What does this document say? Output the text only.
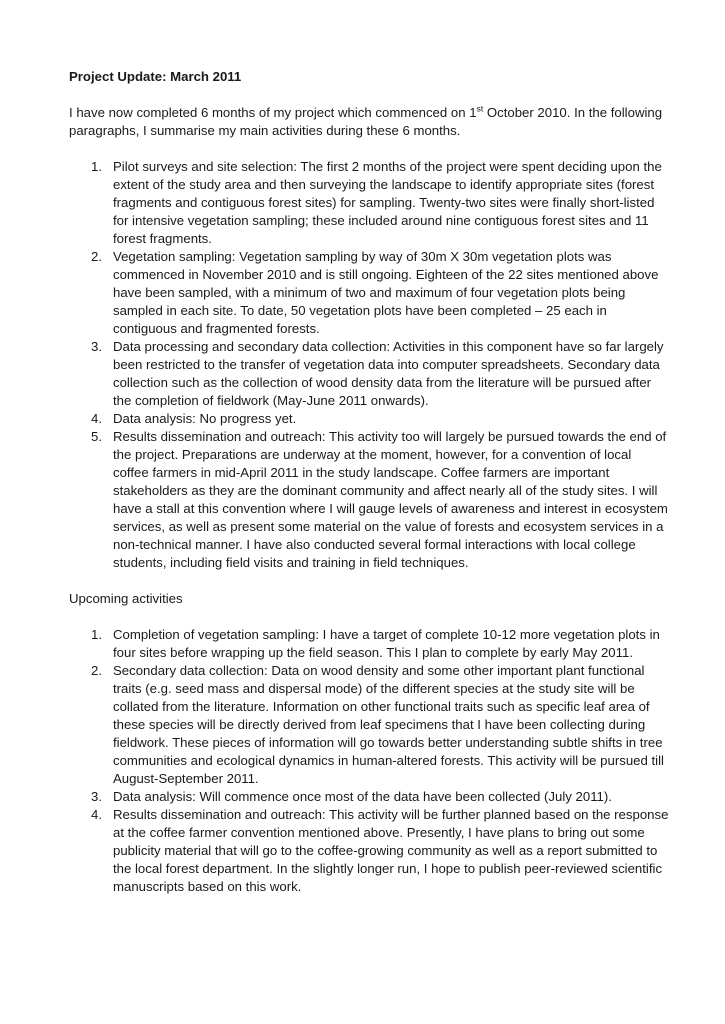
Project Update: March 2011

I have now completed 6 months of my project which commenced on 1st October 2010. In the following paragraphs, I summarise my main activities during these 6 months.

1. Pilot surveys and site selection: The first 2 months of the project were spent deciding upon the extent of the study area and then surveying the landscape to identify appropriate sites (forest fragments and contiguous forest sites) for sampling. Twenty-two sites were finally short-listed for intensive vegetation sampling; these included around nine contiguous forest sites and 11 forest fragments.
2. Vegetation sampling: Vegetation sampling by way of 30m X 30m vegetation plots was commenced in November 2010 and is still ongoing. Eighteen of the 22 sites mentioned above have been sampled, with a minimum of two and maximum of four vegetation plots being sampled in each site. To date, 50 vegetation plots have been completed – 25 each in contiguous and fragmented forests.
3. Data processing and secondary data collection: Activities in this component have so far largely been restricted to the transfer of vegetation data into computer spreadsheets. Secondary data collection such as the collection of wood density data from the literature will be pursued after the completion of fieldwork (May-June 2011 onwards).
4. Data analysis: No progress yet.
5. Results dissemination and outreach: This activity too will largely be pursued towards the end of the project. Preparations are underway at the moment, however, for a convention of local coffee farmers in mid-April 2011 in the study landscape. Coffee farmers are important stakeholders as they are the dominant community and affect nearly all of the study sites. I will have a stall at this convention where I will gauge levels of awareness and interest in ecosystem services, as well as present some material on the value of forests and ecosystem services in a non-technical manner. I have also conducted several formal interactions with local college students, including field visits and training in field techniques.

Upcoming activities

1. Completion of vegetation sampling: I have a target of complete 10-12 more vegetation plots in four sites before wrapping up the field season. This I plan to complete by early May 2011.
2. Secondary data collection: Data on wood density and some other important plant functional traits (e.g. seed mass and dispersal mode) of the different species at the study site will be collated from the literature. Information on other functional traits such as specific leaf area of these species will be directly derived from leaf specimens that I have been collecting during fieldwork. These pieces of information will go towards better understanding subtle shifts in tree communities and ecological dynamics in human-altered forests. This activity will be pursued till August-September 2011.
3. Data analysis: Will commence once most of the data have been collected (July 2011).
4. Results dissemination and outreach: This activity will be further planned based on the response at the coffee farmer convention mentioned above. Presently, I have plans to bring out some publicity material that will go to the coffee-growing community as well as a report submitted to the local forest department. In the slightly longer run, I hope to publish peer-reviewed scientific manuscripts based on this work.
